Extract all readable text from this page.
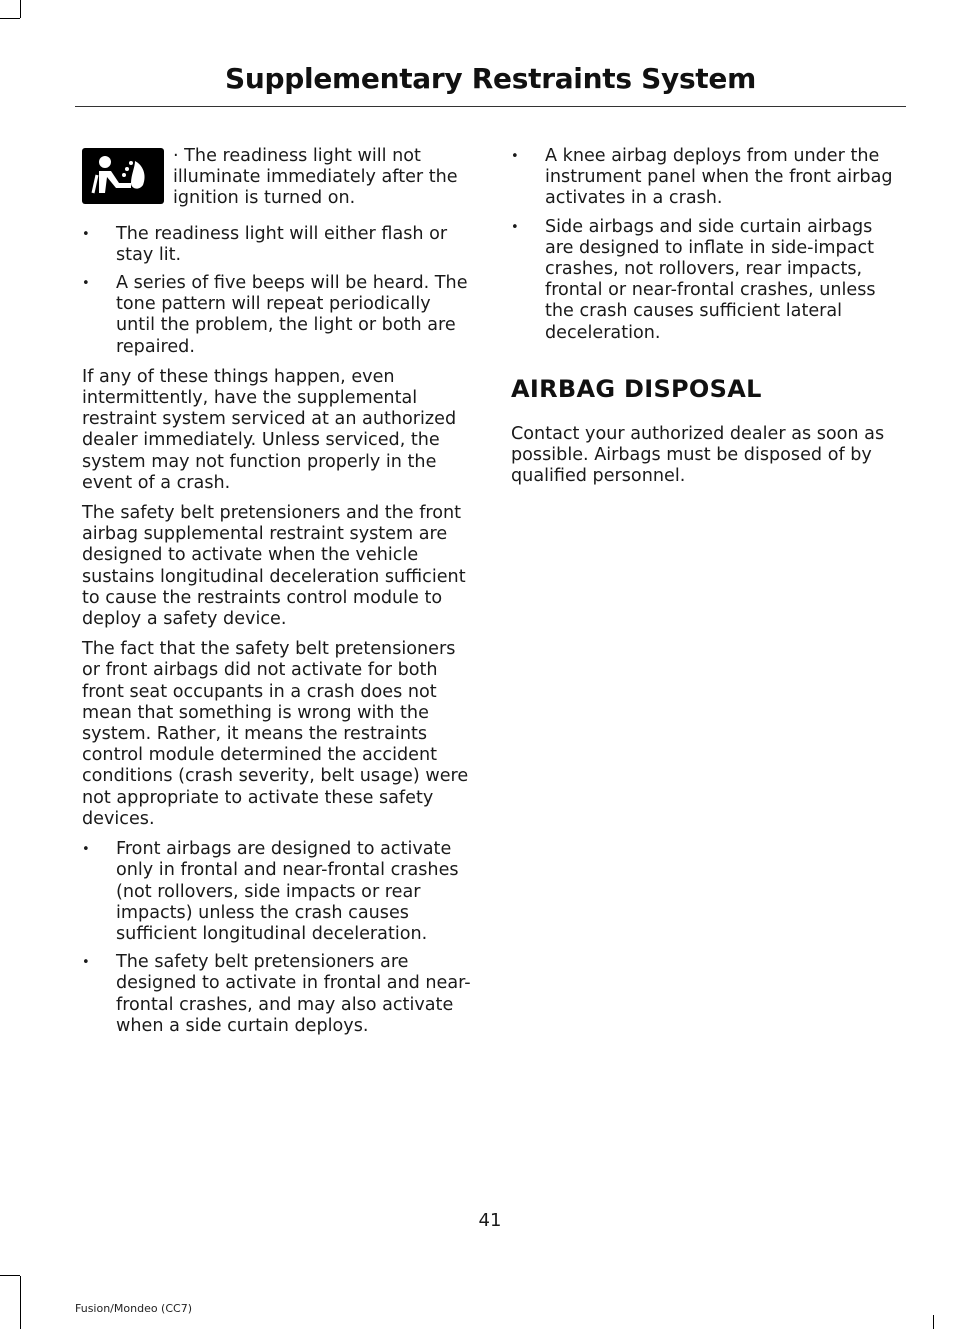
Supplementary Restraints System
· The readiness light will not illuminate immediately after the ignition is turned on.
• The readiness light will either flash or stay lit.
• A series of five beeps will be heard. The tone pattern will repeat periodically until the problem, the light or both are repaired.

If any of these things happen, even intermittently, have the supplemental restraint system serviced at an authorized dealer immediately. Unless serviced, the system may not function properly in the event of a crash.

The safety belt pretensioners and the front airbag supplemental restraint system are designed to activate when the vehicle sustains longitudinal deceleration sufficient to cause the restraints control module to deploy a safety device.

The fact that the safety belt pretensioners or front airbags did not activate for both front seat occupants in a crash does not mean that something is wrong with the system. Rather, it means the restraints control module determined the accident conditions (crash severity, belt usage) were not appropriate to activate these safety devices.

• Front airbags are designed to activate only in frontal and near-frontal crashes (not rollovers, side impacts or rear impacts) unless the crash causes sufficient longitudinal deceleration.
• The safety belt pretensioners are designed to activate in frontal and near-frontal crashes, and may also activate when a side curtain deploys.
• A knee airbag deploys from under the instrument panel when the front airbag activates in a crash.
• Side airbags and side curtain airbags are designed to inflate in side-impact crashes, not rollovers, rear impacts, frontal or near-frontal crashes, unless the crash causes sufficient lateral deceleration.
AIRBAG DISPOSAL

Contact your authorized dealer as soon as possible. Airbags must be disposed of by qualified personnel.

41
Fusion/Mondeo (CC7)
